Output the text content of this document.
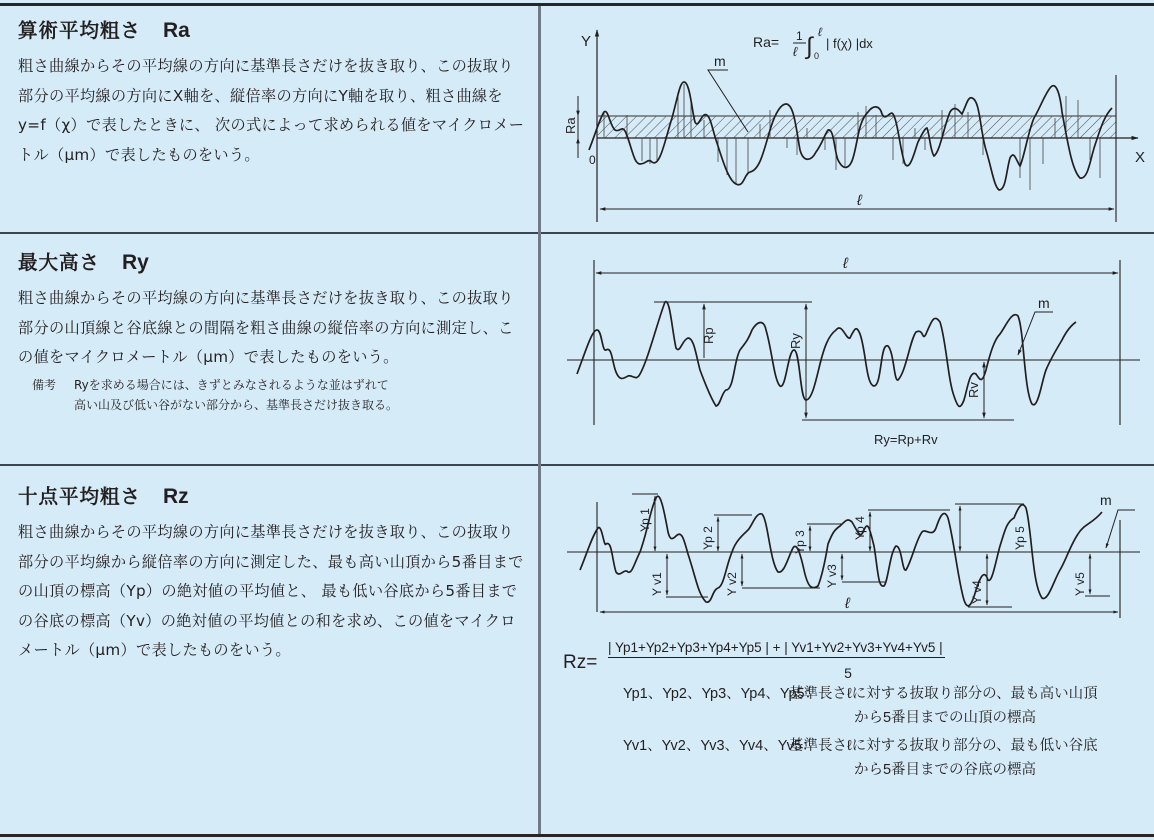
算術平均粗さ Ra
粗さ曲線からその平均線の方向に基準長さだけを抜き取り、この抜取り部分の平均線の方向にX軸を、縦倍率の方向にY軸を取り、粗さ曲線をy=f（χ）で表したときに、 次の式によって求められる値をマイクロメートル（μm）で表したものをいう。
Ra
ℓ
Y
X
0
m
Ra= 1
ℓ ∫
ℓ
0
| f(χ) |dx
最大高さ Ry
粗さ曲線からその平均線の方向に基準長さだけを抜き取り、この抜取り部分の山頂線と谷底線との間隔を粗さ曲線の縦倍率の方向に測定し、この値をマイクロメートル（μm）で表したものをいう。
備考	Ryを求める場合には、きずとみなされるような並はずれて
高い山及び低い谷がない部分から、基準長さだけ抜き取る。
ℓ
Rp	Ry
Rv
Ry=Rp+Rv
m
十点平均粗さ Rz
粗さ曲線からその平均線の方向に基準長さだけを抜き取り、この抜取り部分の平均線から縦倍率の方向に測定した、最も高い山頂から5番目までの山頂の標高（Yp）の絶対値の平均値と、 最も低い谷底から5番目までの谷底の標高（Yv）の絶対値の平均値との和を求め、この値をマイクロメートル（μm）で表したものをいう。
ℓ
Yp 1
Yp 2	Yp 3
Yp 4	Yp 5
Y v1	Y v2	Y v3
Y v4	Y v5
m
Rz=
| Yp1+Yp2+Yp3+Yp4+Yp5 | + | Yv1+Yv2+Yv3+Yv4+Yv5 |
5
Yp1、Yp2、Yp3、Yp4、Yp5：
基準長さℓに対する抜取り部分の、最も高い山頂
から5番目までの山頂の標高
Yv1、Yv2、Yv3、Yv4、Yv5：
基準長さℓに対する抜取り部分の、最も低い谷底
から5番目までの谷底の標高
